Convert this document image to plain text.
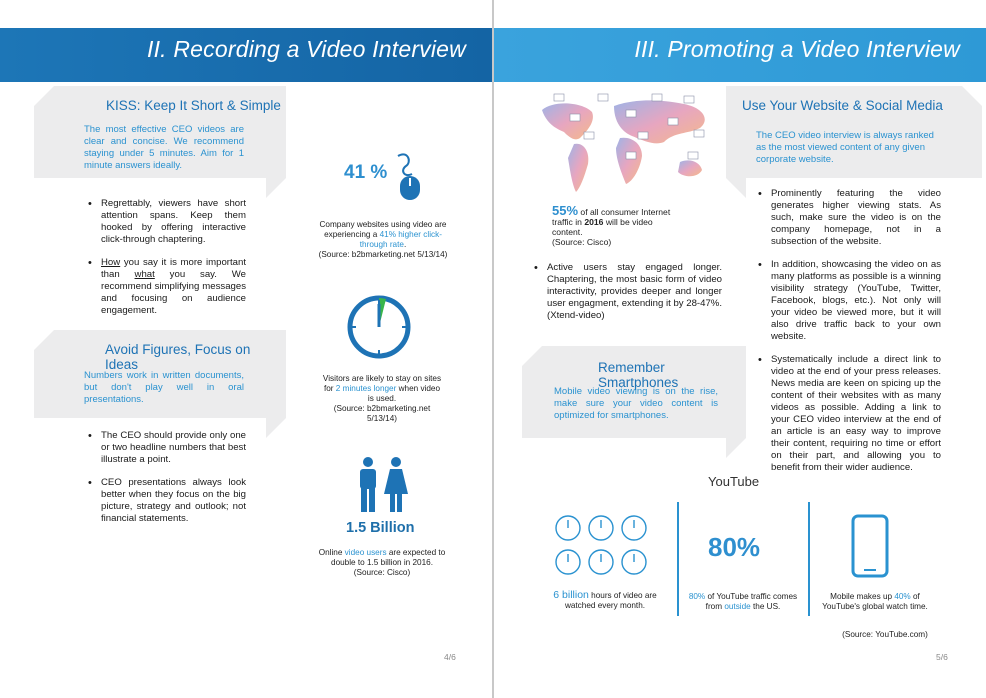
II. Recording a Video Interview
KISS: Keep It Short & Simple

The most effective CEO videos are clear and concise. We recommend staying under 5 minutes. Aim for 1 minute answers ideally.

• Regrettably, viewers have short attention spans. Keep them hooked by offering interactive click-through chaptering.
• How you say it is more important than what you say. We recommend simplifying messages and focusing on audience engagement.
Avoid Figures, Focus on Ideas

Numbers work in written documents, but don't play well in oral presentations.

• The CEO should provide only one or two headline numbers that best illustrate a point.
• CEO presentations always look better when they focus on the big picture, strategy and outlook; not financial statements.
41 %
Company websites using video are experiencing a 41% higher click-through rate.
(Source: b2bmarketing.net 5/13/14)
Visitors are likely to stay on sites for 2 minutes longer when video is used.
(Source: b2bmarketing.net 5/13/14)
1.5 Billion
Online video users are expected to double to 1.5 billion in 2016.
(Source: Cisco)
4/6
III. Promoting a Video Interview
55% of all consumer Internet traffic in 2016 will be video content.
(Source: Cisco)
• Active users stay engaged longer. Chaptering, the most basic form of video interactivity, provides deeper and longer user engagment, extending it by 28-47%. (Xtend-video)
Use Your Website & Social Media

The CEO video interview is always ranked as the most viewed content of any given corporate website.

• Prominently featuring the video generates higher viewing stats. As such, make sure the video is on the company homepage, not in a subsection of the website.
• In addition, showcasing the video on as many platforms as possible is a winning visibility strategy (YouTube, Twitter, Facebook, blogs, etc.). Not only will your video be viewed more, but it will also drive traffic back to your own website.
• Systematically include a direct link to video at the end of your press releases. News media are keen on spicing up the content of their websites with as many videos as possible. Adding a link to your CEO video interview at the end of an article is an easy way to improve their content, requiring no time or effort on their part, and allowing you to benefit from their wider audience.
Remember Smartphones

Mobile video viewing is on the rise, make sure your video content is optimized for smartphones.

YouTube
6 billion hours of video are watched every month.
80%
80% of YouTube traffic comes from outside the US.
Mobile makes up 40% of YouTube's global watch time.
(Source: YouTube.com)
5/6
